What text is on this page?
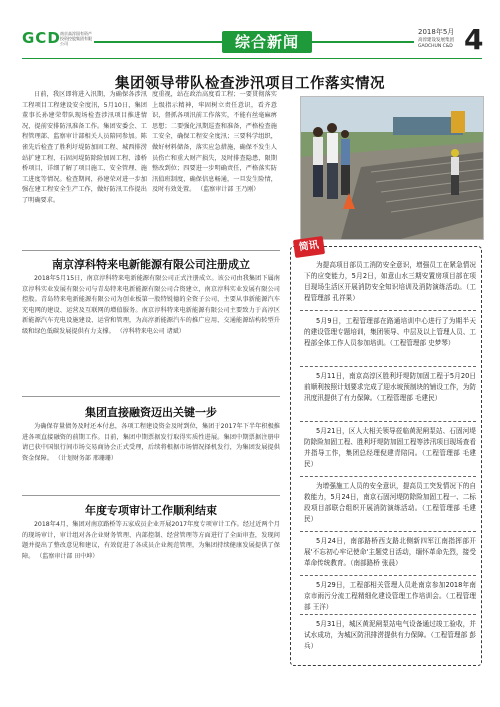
GCD 南京高淳国有资产投资控股集团有限公司	综合新闻
2018年5月
高淳建设发展集团 GAOCHUN C&D 4
集团领导带队检查涉汛项目工作落实情况
日前，我区即将进入汛期，为确保各涉汛工程项目工程建设安全度汛，5月10日，集团董事长孙建荣带队现场检查涉汛项目推进情况，提前安排防汛准备工作。集团安委会、工程管理部、监察审计部相关人员陪同参加。陈雀先后检查了胜利圩堤防加固工程、城西排涝站扩建工程、石固河堤防除险加固工程、漆桥桥项目，详细了解了项目施工、安全管理、施工进度等情况。检查期间，孙建荣对进一步加强在建工程安全生产工作，做好防汛工作提出了明确要求。
度重视，站在政治高度看工程；一要贯彻落实上级指示精神，牢固树立责任意识，看齐意识，督抓各项汛前工作落实，不能有丝毫麻痹思想；二要强化汛期巡查和准备，严格检查施工安全，确保工程安全度汛；三要科学组织，做好材料储备，落实应急措施，确保不发生人员伤亡和重大财产损失，及时排查隐患，限期整改到位；四要进一步明确责任，严格落实防汛值班制度，确保信息畅通，一旦发生险情，及时有效处置。 （监察审计部 王乃刚）
南京淳科特来电新能源有限公司注册成立
2018年5月15日，南京淳科特来电新能源有限公司正式注册成立。该公司由我集团下属南京淳科实业发展有限公司与青岛特来电新能源有限公司合资建立，南京淳科实业发展有限公司控股。青岛特来电新能源有限公司为创业板第一股特锐德的全资子公司，主要从事新能源汽车充电网的建设、运营及互联网的增值服务。南京淳科特来电新能源有限公司主要致力于高淳区新能源汽车充电设施建设、运营和管理，为高淳新能源汽车的推广应用、交通能源结构转型升级和绿色低碳发展提供有力支撑。 （淳科特来电公司 诸斌）
集团直接融资迈出关键一步
为确保存量债务及时还本付息，各项工程建设资金及时到位，集团于2017年下半年积极推进各项直接融资的前期工作。目前，集团中期票据发行取得实质性进展。集团中期票据注册申请已获中国银行间市场交易商协会正式受理，后续将根据市场情况择机发行，为集团发展提供资金保障。 （计划财务部 邢珊珊）
年度专项审计工作顺利结束
2018年4月，集团对南京路桥等五家成员企业开展2017年度专项审计工作。经过近两个月的现场审计，审计组对各企业财务管理、内部控制、经营管理等方面进行了全面审查，发现问题并提出了整改意见和建议，有效促进了各成员企业规范管理，为集团持续健康发展提供了保障。 （监察审计部 田中坤）
简讯
为提高项目部员工消防安全意识，增强员工在紧急情况下的应变能力，5月2日，如意山水三期安置房项目部在项目现场生活区开展消防安全知识培训及消防演练活动。（工程管理部 孔祥果）
5月9日，工程管理部在路通培训中心进行了为期半天的建设管理专题培训，集团领导、中层及以上管理人员、工程部全体工作人员参加培训。（工程管理部 史梦琴）
5月11日，南京高淳区胜利圩堤防加固工程于5月20日前顺利按照计划要求完成了迎水坡预制块的铺设工作，为防汛度汛提供了有力保障。（工程管理部 毛建民）
5月21日，区人大相关领导莅临黄泥闸泵站、石固河堤防除险加固工程、胜利圩堤防加固工程等涉汛项目现场查看并指导工作，集团总经理倪建青陪同。（工程管理部 毛建民）
为增强施工人员的安全意识，提高员工突发情况下的自救能力，5月24日，南京石固河堤防除险加固工程一、二标段项目部联合组织开展消防演练活动。（工程管理部 毛建民）
5月24日，南部路桥西支路北侧新四军江南指挥部开展'不忘初心牢记使命'主题党日活动，缅怀革命先烈，接受革命传统教育。（南部路桥 张晨）
5月29日，工程部相关管理人员赴南京参加2018年南京市雨污分流工程精细化建设管理工作培训会。（工程管理部 王洋）
5月31日，城区黄泥闸泵站电气设备通过竣工验收，并试水成功，为城区防汛排涝提供有力保障。（工程管理部 彭兵）
